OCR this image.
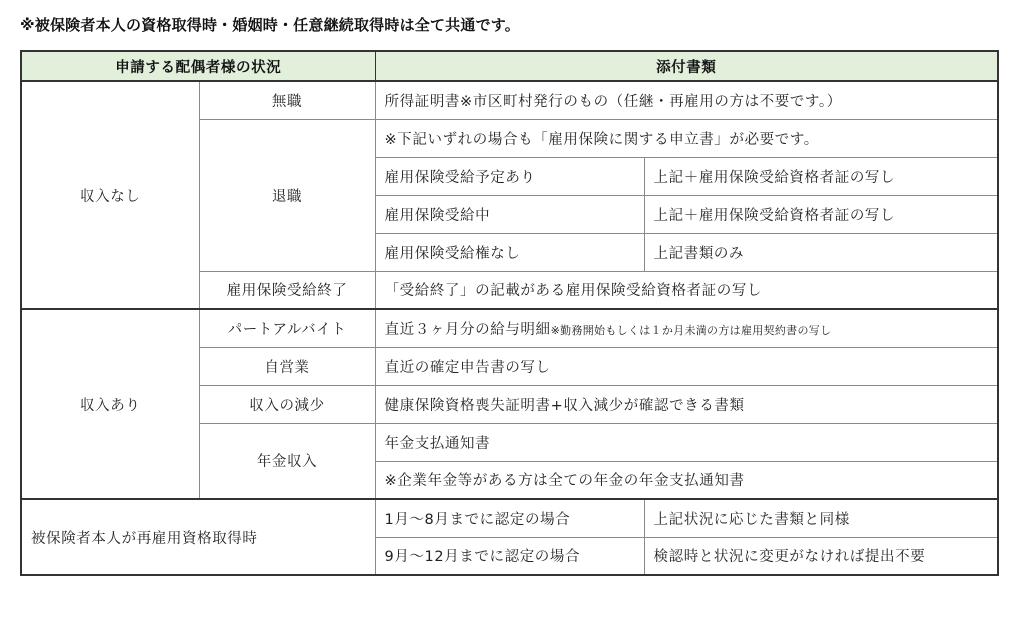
※被保険者本人の資格取得時・婚姻時・任意継続取得時は全て共通です。
申請する配偶者様の状況		添付書類	
収入なし	無職	所得証明書※市区町村発行のもの（任継・再雇用の方は不要です。）	
	退職	※下記いずれの場合も「雇用保険に関する申立書」が必要です。	
		雇用保険受給予定あり	上記＋雇用保険受給資格者証の写し
		雇用保険受給中	上記＋雇用保険受給資格者証の写し
		雇用保険受給権なし	上記書類のみ
	雇用保険受給終了	「受給終了」の記載がある雇用保険受給資格者証の写し	
収入あり	パートアルバイト	直近３ヶ月分の給与明細※勤務開始もしくは１か月未満の方は雇用契約書の写し	
	自営業	直近の確定申告書の写し	
	収入の減少	健康保険資格喪失証明書+収入減少が確認できる書類	
	年金収入	年金支払通知書	
		※企業年金等がある方は全ての年金の年金支払通知書	
被保険者本人が再雇用資格取得時		1月～8月までに認定の場合	上記状況に応じた書類と同様
		9月～12月までに認定の場合	検認時と状況に変更がなければ提出不要
